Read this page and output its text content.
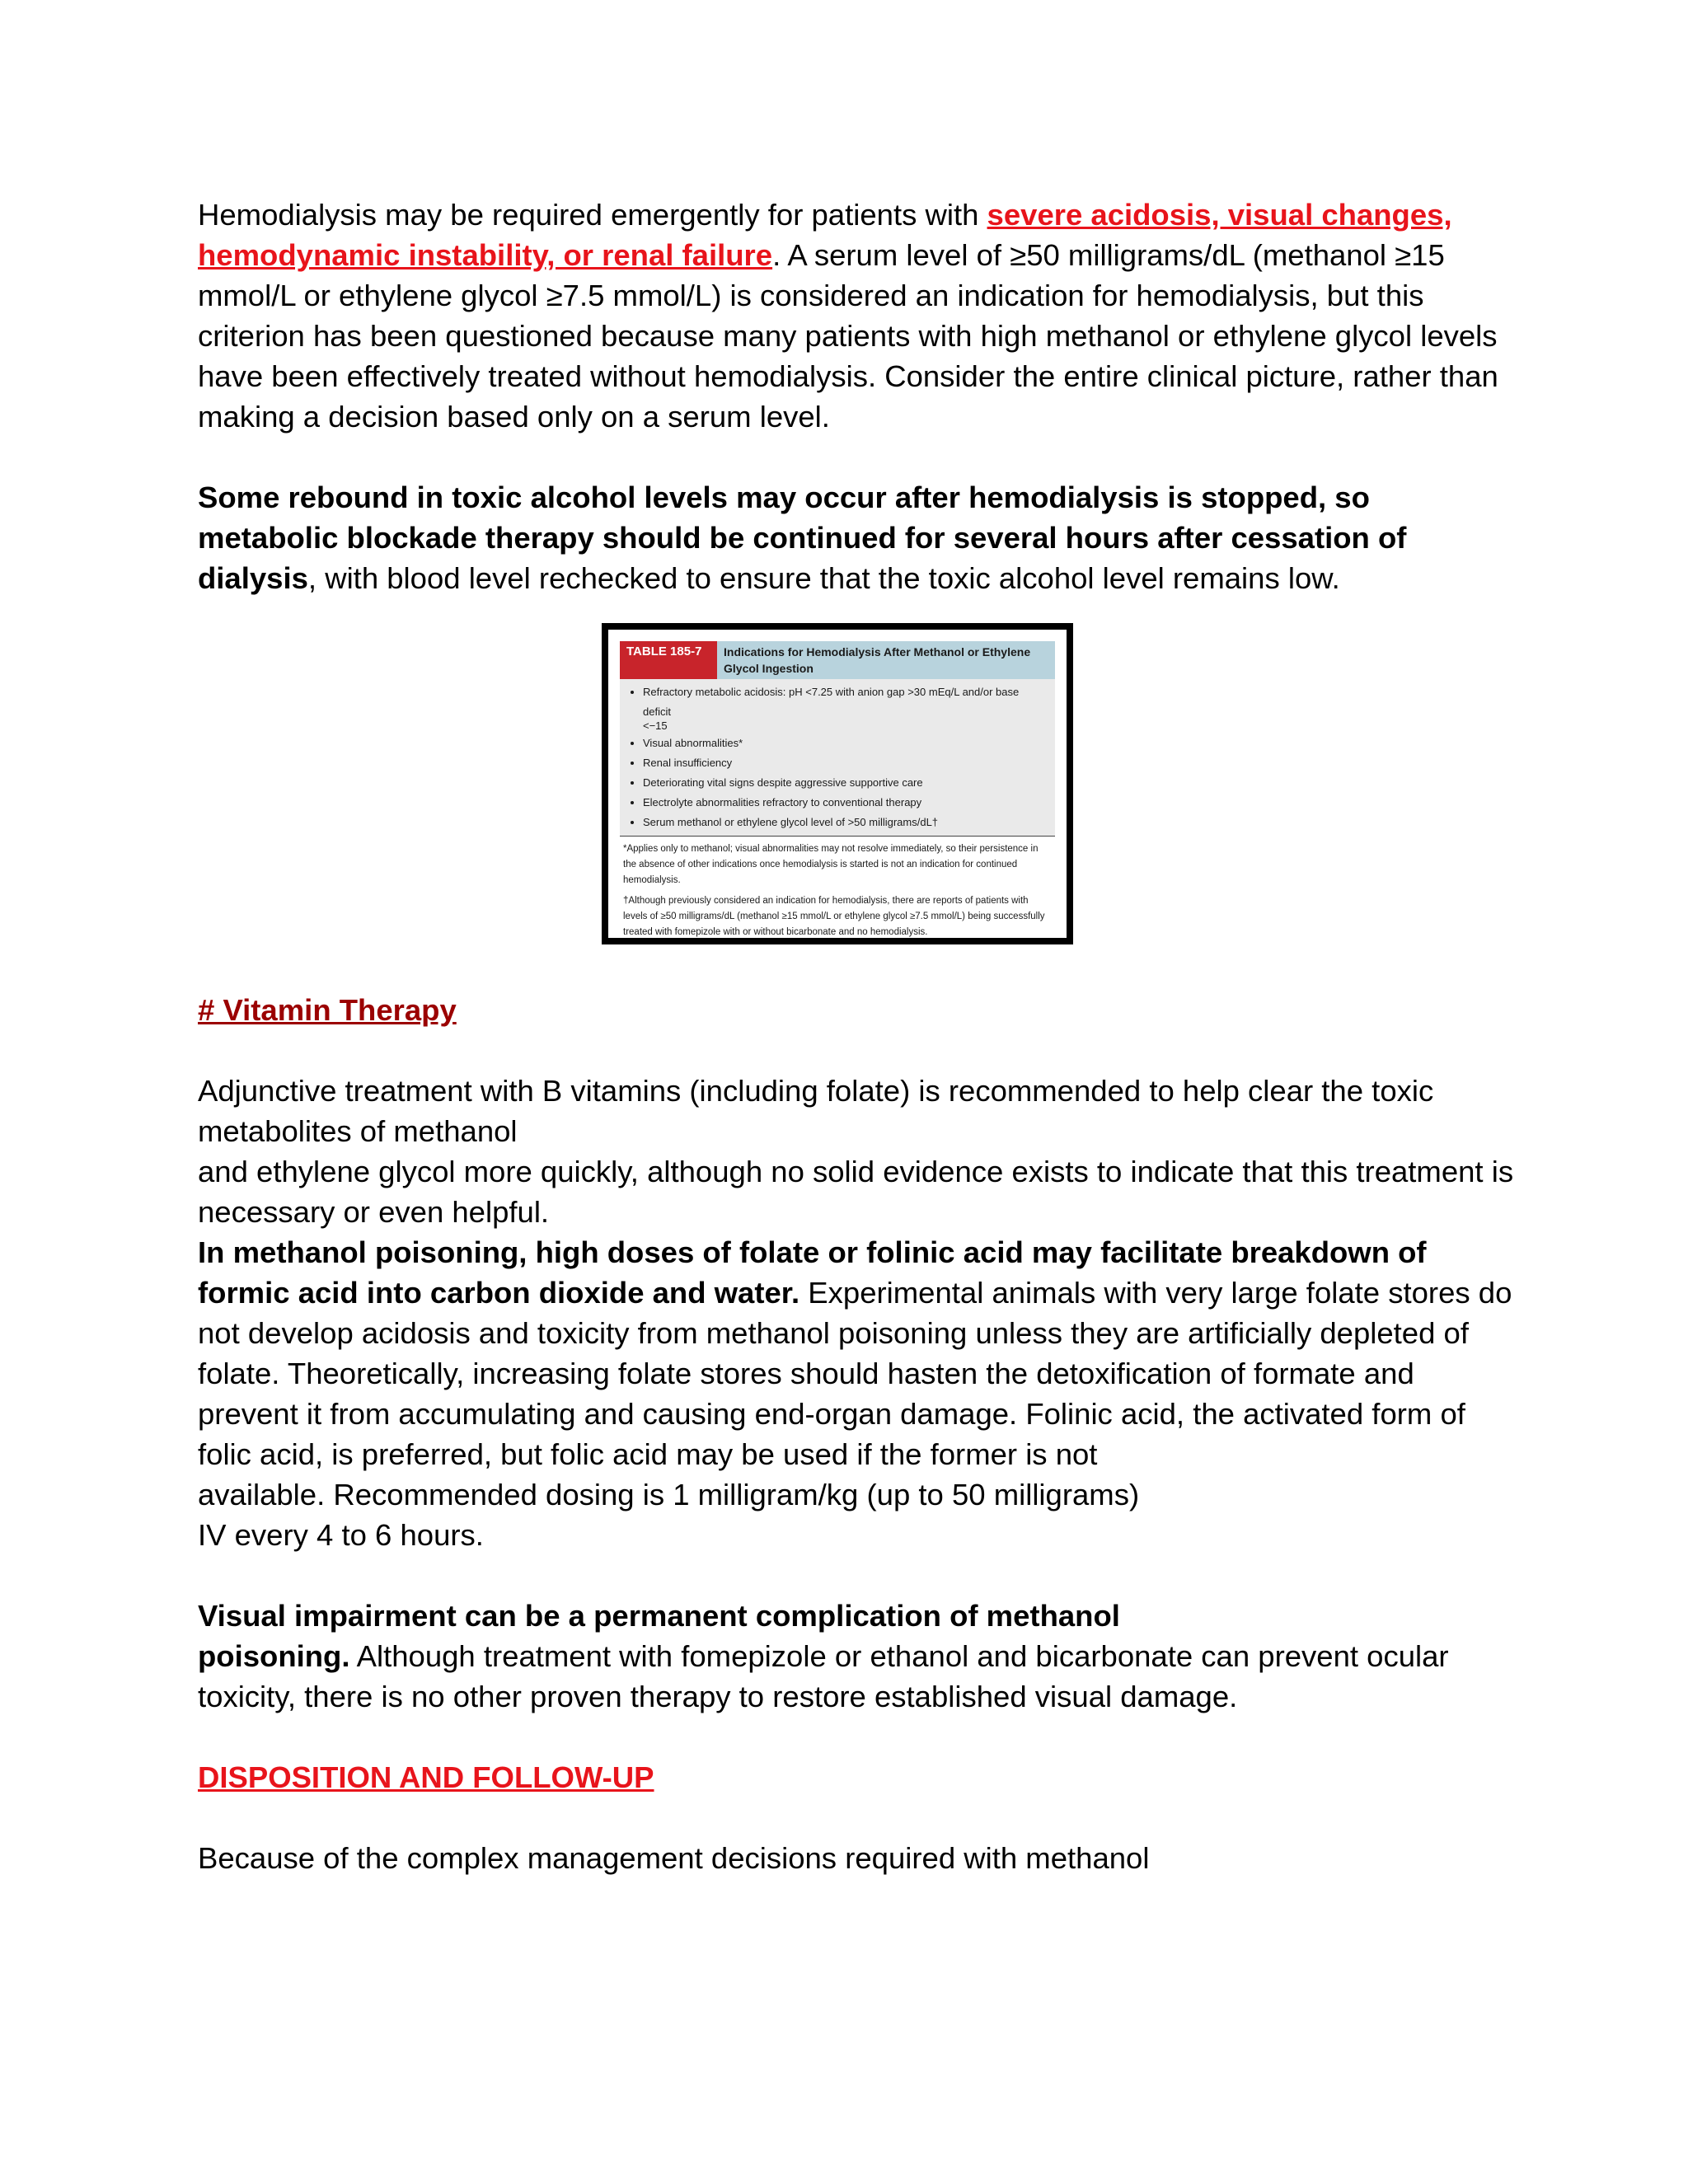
Hemodialysis may be required emergently for patients with severe acidosis, visual changes, hemodynamic instability, or renal failure. A serum level of ≥50 milligrams/dL (methanol ≥15 mmol/L or ethylene glycol ≥7.5 mmol/L) is considered an indication for hemodialysis, but this criterion has been questioned because many patients with high methanol or ethylene glycol levels have been effectively treated without hemodialysis. Consider the entire clinical picture, rather than making a decision based only on a serum level.

Some rebound in toxic alcohol levels may occur after hemodialysis is stopped, so metabolic blockade therapy should be continued for several hours after cessation of dialysis, with blood level rechecked to ensure that the toxic alcohol level remains low.

TABLE 185-7	Indications for Hemodialysis After Methanol or Ethylene Glycol Ingestion
• Refractory metabolic acidosis: pH <7.25 with anion gap >30 mEq/L and/or base deficit
<−15
• Visual abnormalities*
• Renal insufficiency
• Deteriorating vital signs despite aggressive supportive care
• Electrolyte abnormalities refractory to conventional therapy
• Serum methanol or ethylene glycol level of >50 milligrams/dL†

*Applies only to methanol; visual abnormalities may not resolve immediately, so their persistence in the absence of other indications once hemodialysis is started is not an indication for continued hemodialysis.

†Although previously considered an indication for hemodialysis, there are reports of patients with levels of ≥50 milligrams/dL (methanol ≥15 mmol/L or ethylene glycol ≥7.5 mmol/L) being successfully treated with fomepizole with or without bicarbonate and no hemodialysis.

# Vitamin Therapy

Adjunctive treatment with B vitamins (including folate) is recommended to help clear the toxic metabolites of methanol

and ethylene glycol more quickly, although no solid evidence exists to indicate that this treatment is necessary or even helpful.

In methanol poisoning, high doses of folate or folinic acid may facilitate breakdown of formic acid into carbon dioxide and water. Experimental animals with very large folate stores do not develop acidosis and toxicity from methanol poisoning unless they are artificially depleted of folate. Theoretically, increasing folate stores should hasten the detoxification of formate and prevent it from accumulating and causing end-organ damage. Folinic acid, the activated form of folic acid, is preferred, but folic acid may be used if the former is not

available. Recommended dosing is 1 milligram/kg (up to 50 milligrams)

IV every 4 to 6 hours.

Visual impairment can be a permanent complication of methanol

poisoning. Although treatment with fomepizole or ethanol and bicarbonate can prevent ocular toxicity, there is no other proven therapy to restore established visual damage.

DISPOSITION AND FOLLOW-UP

Because of the complex management decisions required with methanol
